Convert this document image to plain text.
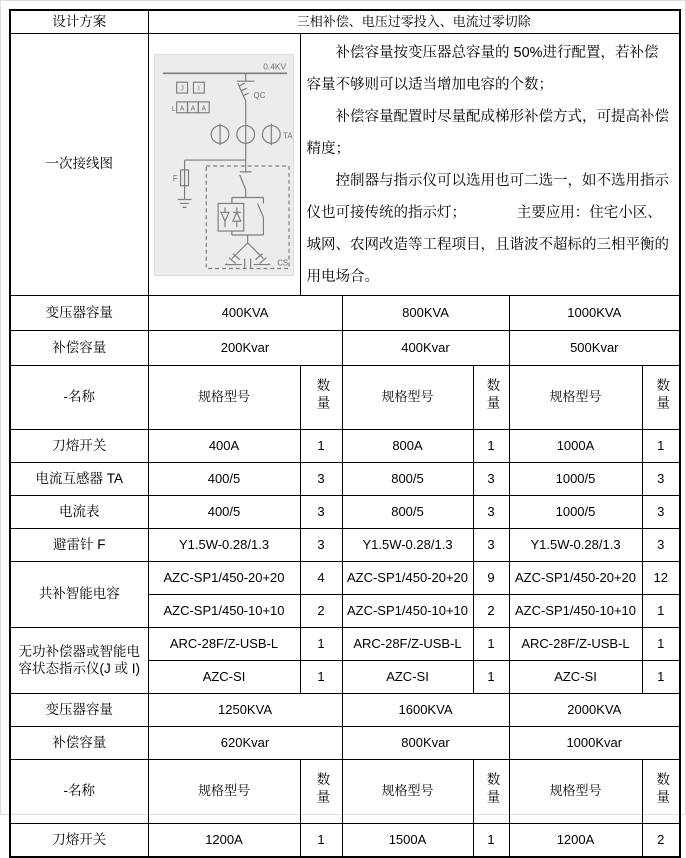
设计方案	三相补偿、电压过零投入、电流过零切除					
一次接线图	
0.4KV
QC
TA
F
CS
J I
L A A A

补偿容量按变压器总容量的 50%进行配置，若补偿容量不够则可以适当增加电容的个数；

补偿容量配置时尽量配成梯形补偿方式，可提高补偿精度；

控制器与指示仪可以选用也可二选一，如不选用指示仪也可接传统的指示灯；　　　　主要应用：住宅小区、城网、农网改造等工程项目，且谐波不超标的三相平衡的用电场合。

变压器容量	400KVA		800KVA		1000KVA	
补偿容量	200Kvar		400Kvar		500Kvar	
-名称	规格型号	数量	规格型号	数量	规格型号	数量
刀熔开关	400A	1	800A	1	1000A	1
电流互感器 TA	400/5	3	800/5	3	1000/5	3
电流表	400/5	3	800/5	3	1000/5	3
避雷针 F	Y1.5W-0.28/1.3	3	Y1.5W-0.28/1.3	3	Y1.5W-0.28/1.3	3
共补智能电容	AZC-SP1/450-20+20	4	AZC-SP1/450-20+20	9	AZC-SP1/450-20+20	12
	AZC-SP1/450-10+10	2	AZC-SP1/450-10+10	2	AZC-SP1/450-10+10	1
无功补偿器或智能电容状态指示仪(J 或 I)	ARC-28F/Z-USB-L	1	ARC-28F/Z-USB-L	1	ARC-28F/Z-USB-L	1
	AZC-SI	1	AZC-SI	1	AZC-SI	1
变压器容量	1250KVA		1600KVA		2000KVA	
补偿容量	620Kvar		800Kvar		1000Kvar	
-名称	规格型号	数量	规格型号	数量	规格型号	数量
刀熔开关	1200A	1	1500A	1	1200A	2
